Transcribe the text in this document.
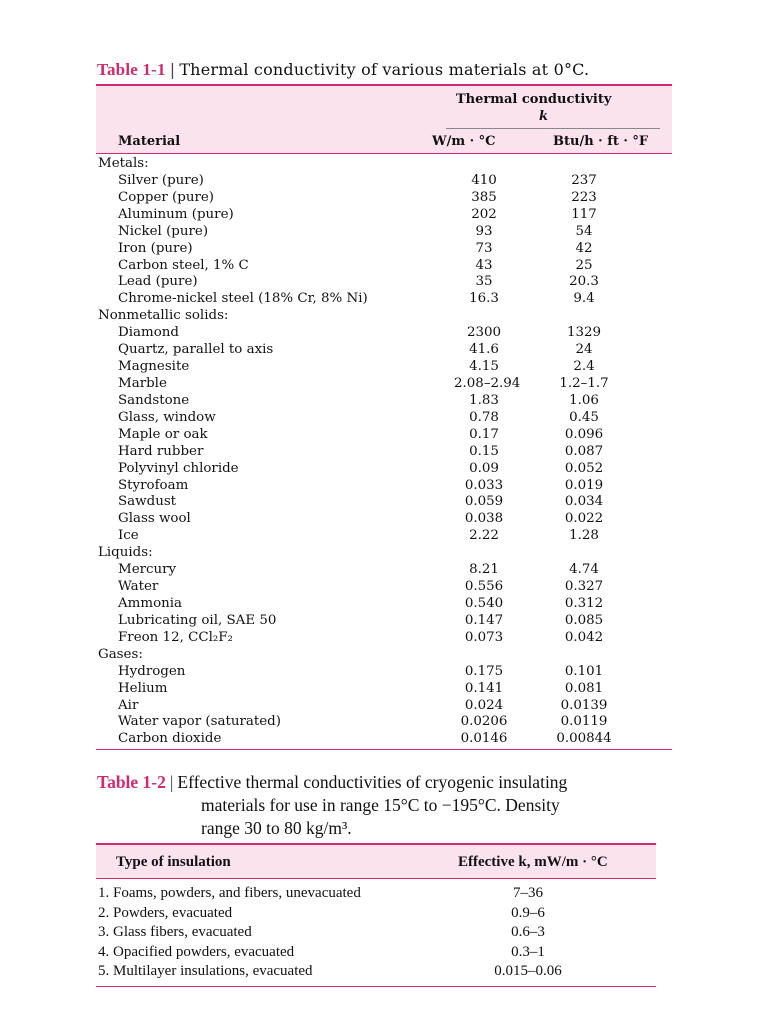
Table 1-1 | Thermal conductivity of various materials at 0°C.
Thermal conductivity
k
Material	W/m · °C	Btu/h · ft · °F
Metals:
Silver (pure)	410	237
Copper (pure)	385	223
Aluminum (pure)	202	117
Nickel (pure)	93	54
Iron (pure)	73	42
Carbon steel, 1% C	43	25
Lead (pure)	35	20.3
Chrome-nickel steel (18% Cr, 8% Ni)	16.3	9.4
Nonmetallic solids:
Diamond	2300	1329
Quartz, parallel to axis	41.6	24
Magnesite	4.15	2.4
Marble	2.08–2.94	1.2–1.7
Sandstone	1.83	1.06
Glass, window	0.78	0.45
Maple or oak	0.17	0.096
Hard rubber	0.15	0.087
Polyvinyl chloride	0.09	0.052
Styrofoam	0.033	0.019
Sawdust	0.059	0.034
Glass wool	0.038	0.022
Ice	2.22	1.28
Liquids:
Mercury	8.21	4.74
Water	0.556	0.327
Ammonia	0.540	0.312
Lubricating oil, SAE 50	0.147	0.085
Freon 12, CCl₂F₂	0.073	0.042
Gases:
Hydrogen	0.175	0.101
Helium	0.141	0.081
Air	0.024	0.0139
Water vapor (saturated)	0.0206	0.0119
Carbon dioxide	0.0146	0.00844
Table 1-2 | Effective thermal conductivities of cryogenic insulating
materials for use in range 15°C to −195°C. Density
range 30 to 80 kg/m³.
Type of insulation	Effective k, mW/m · °C
1. Foams, powders, and fibers, unevacuated	7–36
2. Powders, evacuated	0.9–6
3. Glass fibers, evacuated	0.6–3
4. Opacified powders, evacuated	0.3–1
5. Multilayer insulations, evacuated	0.015–0.06
